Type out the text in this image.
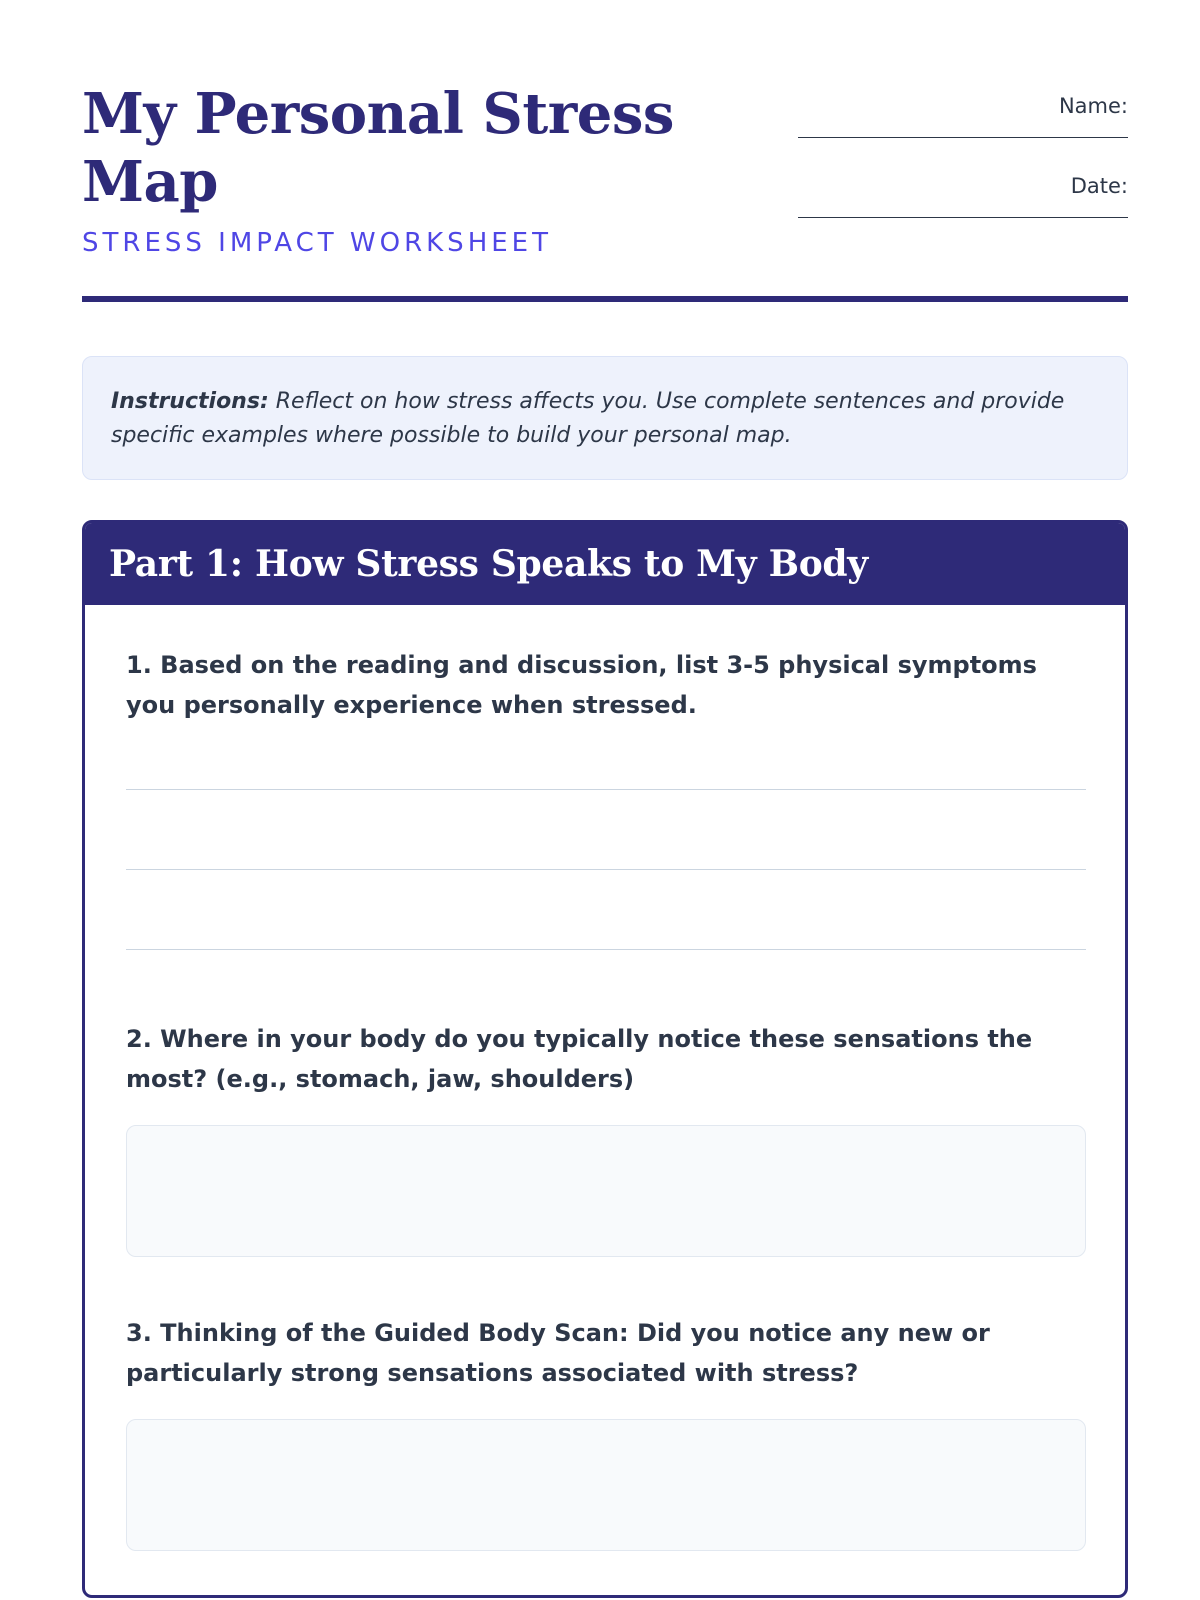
My Personal Stress Map

STRESS IMPACT WORKSHEET

Name:
Date:
Instructions: Reflect on how stress affects you. Use complete sentences and provide specific examples where possible to build your personal map.
Part 1: How Stress Speaks to My Body

1. Based on the reading and discussion, list 3-5 physical symptoms you personally experience when stressed.

2. Where in your body do you typically notice these sensations the most? (e.g., stomach, jaw, shoulders)

3. Thinking of the Guided Body Scan: Did you notice any new or particularly strong sensations associated with stress?
